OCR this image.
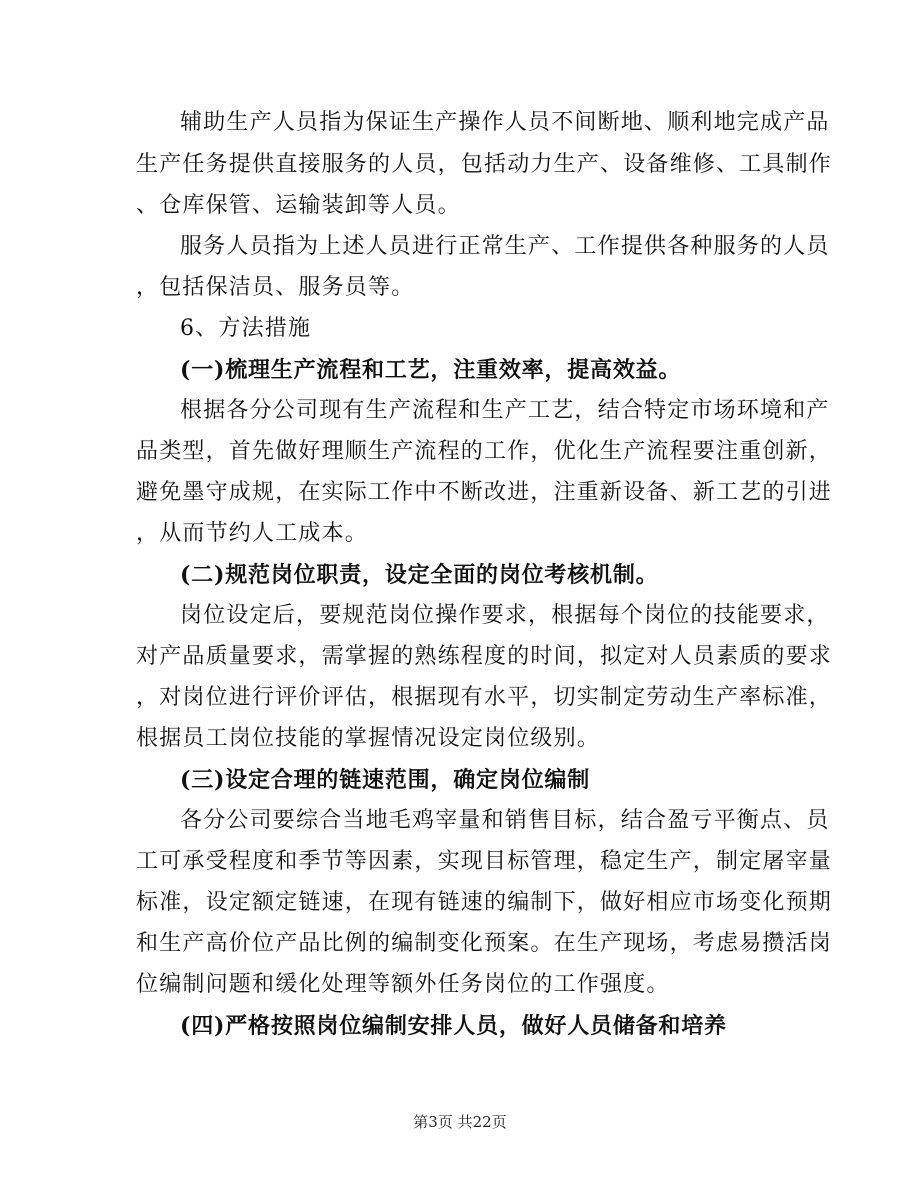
辅助生产人员指为保证生产操作人员不间断地、顺利地完成产品
生产任务提供直接服务的人员，包括动力生产、设备维修、工具制作
、仓库保管、运输装卸等人员。
服务人员指为上述人员进行正常生产、工作提供各种服务的人员
，包括保洁员、服务员等。
6、方法措施
(一)梳理生产流程和工艺，注重效率，提高效益。
根据各分公司现有生产流程和生产工艺，结合特定市场环境和产
品类型，首先做好理顺生产流程的工作，优化生产流程要注重创新，
避免墨守成规，在实际工作中不断改进，注重新设备、新工艺的引进
，从而节约人工成本。
(二)规范岗位职责，设定全面的岗位考核机制。
岗位设定后，要规范岗位操作要求，根据每个岗位的技能要求，
对产品质量要求，需掌握的熟练程度的时间，拟定对人员素质的要求
，对岗位进行评价评估，根据现有水平，切实制定劳动生产率标准，
根据员工岗位技能的掌握情况设定岗位级别。
(三)设定合理的链速范围，确定岗位编制
各分公司要综合当地毛鸡宰量和销售目标，结合盈亏平衡点、员
工可承受程度和季节等因素，实现目标管理，稳定生产，制定屠宰量
标准，设定额定链速，在现有链速的编制下，做好相应市场变化预期
和生产高价位产品比例的编制变化预案。在生产现场，考虑易攒活岗
位编制问题和缓化处理等额外任务岗位的工作强度。
(四)严格按照岗位编制安排人员，做好人员储备和培养
第3页 共22页
